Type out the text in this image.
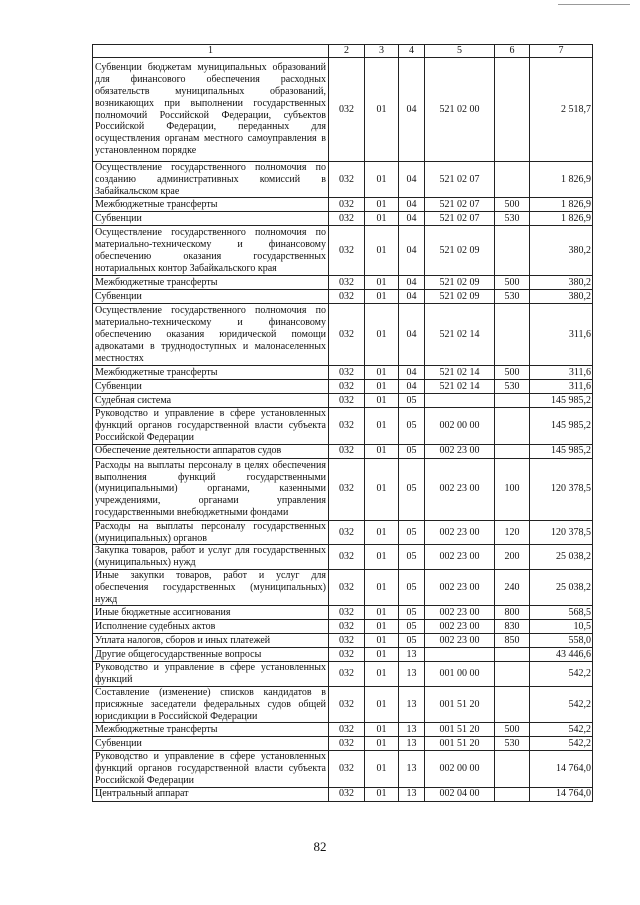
1	2	3	4	5	6	7
Субвенции бюджетам муниципальных образований для финансового обеспечения расходных обязательств муниципальных образований, возникающих при выполнении государственных полномочий Российской Федерации, субъектов Российской Федерации, переданных для осуществления органам местного самоуправления в установленном порядке	032	01	04	521 02 00		2 518,7
Осуществление государственного полномочия по созданию административных комиссий в Забайкальском крае	032	01	04	521 02 07		1 826,9
Межбюджетные трансферты	032	01	04	521 02 07	500	1 826,9
Субвенции	032	01	04	521 02 07	530	1 826,9
Осуществление государственного полномочия по материально-техническому и финансовому обеспечению оказания государственных нотариальных контор Забайкальского края	032	01	04	521 02 09		380,2
Межбюджетные трансферты	032	01	04	521 02 09	500	380,2
Субвенции	032	01	04	521 02 09	530	380,2
Осуществление государственного полномочия по материально-техническому и финансовому обеспечению оказания юридической помощи адвокатами в труднодоступных и малонаселенных местностях	032	01	04	521 02 14		311,6
Межбюджетные трансферты	032	01	04	521 02 14	500	311,6
Субвенции	032	01	04	521 02 14	530	311,6
Судебная система	032	01	05			145 985,2
Руководство и управление в сфере установленных функций органов государственной власти субъекта Российской Федерации	032	01	05	002 00 00		145 985,2
Обеспечение деятельности аппаратов судов	032	01	05	002 23 00		145 985,2
Расходы на выплаты персоналу в целях обеспечения выполнения функций государственными (муниципальными) органами, казенными учреждениями, органами управления государственными внебюджетными фондами	032	01	05	002 23 00	100	120 378,5
Расходы на выплаты персоналу государственных (муниципальных) органов	032	01	05	002 23 00	120	120 378,5
Закупка товаров, работ и услуг для государственных (муниципальных) нужд	032	01	05	002 23 00	200	25 038,2
Иные закупки товаров, работ и услуг для обеспечения государственных (муниципальных) нужд	032	01	05	002 23 00	240	25 038,2
Иные бюджетные ассигнования	032	01	05	002 23 00	800	568,5
Исполнение судебных актов	032	01	05	002 23 00	830	10,5
Уплата налогов, сборов и иных платежей	032	01	05	002 23 00	850	558,0
Другие общегосударственные вопросы	032	01	13			43 446,6
Руководство и управление в сфере установленных функций	032	01	13	001 00 00		542,2
Составление (изменение) списков кандидатов в присяжные заседатели федеральных судов общей юрисдикции в Российской Федерации	032	01	13	001 51 20		542,2
Межбюджетные трансферты	032	01	13	001 51 20	500	542,2
Субвенции	032	01	13	001 51 20	530	542,2
Руководство и управление в сфере установленных функций органов государственной власти субъекта Российской Федерации	032	01	13	002 00 00		14 764,0
Центральный аппарат	032	01	13	002 04 00		14 764,0
82
